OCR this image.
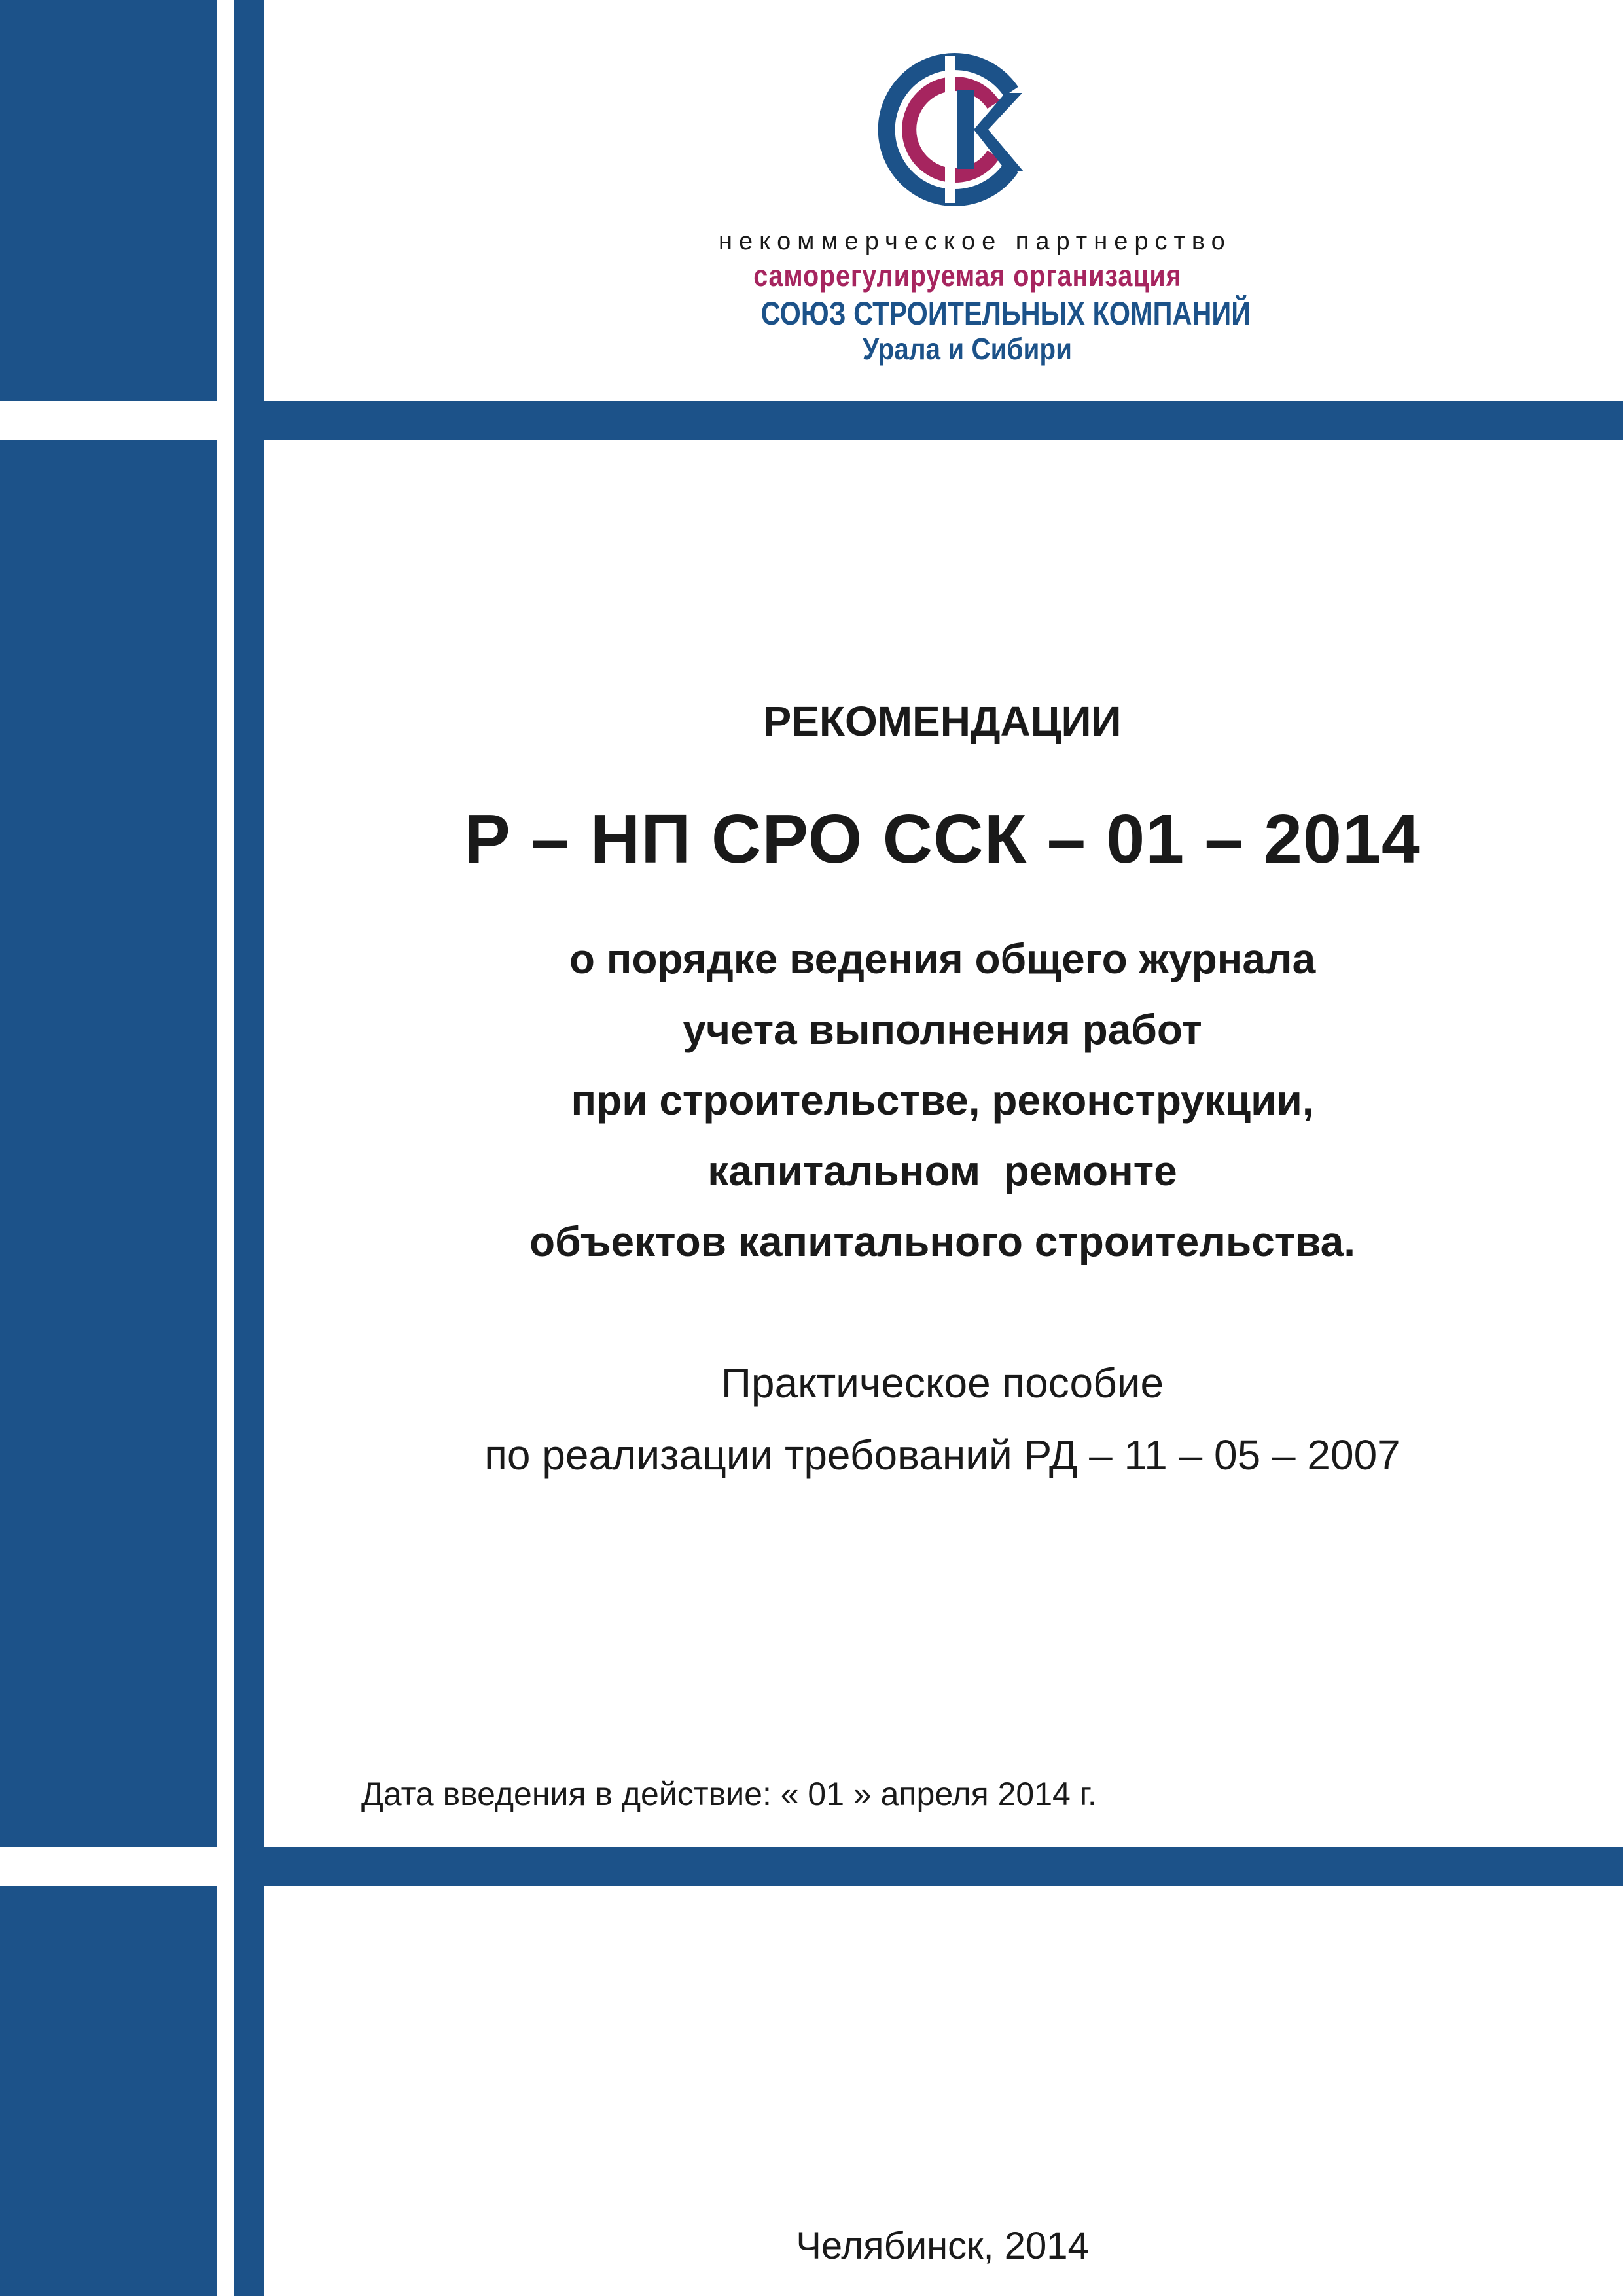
некоммерческое партнерство
саморегулируемая организация
СОЮЗ СТРОИТЕЛЬНЫХ КОМПАНИЙ
Урала и Сибири
РЕКОМЕНДАЦИИ
Р – НП СРО ССК – 01 – 2014
о порядке ведения общего журнала
учета выполнения работ
при строительстве, реконструкции,
капитальном  ремонте
объектов капитального строительства.
Практическое пособие
по реализации требований РД – 11 – 05 – 2007
Дата введения в действие: « 01 » апреля 2014 г.
Челябинск, 2014
